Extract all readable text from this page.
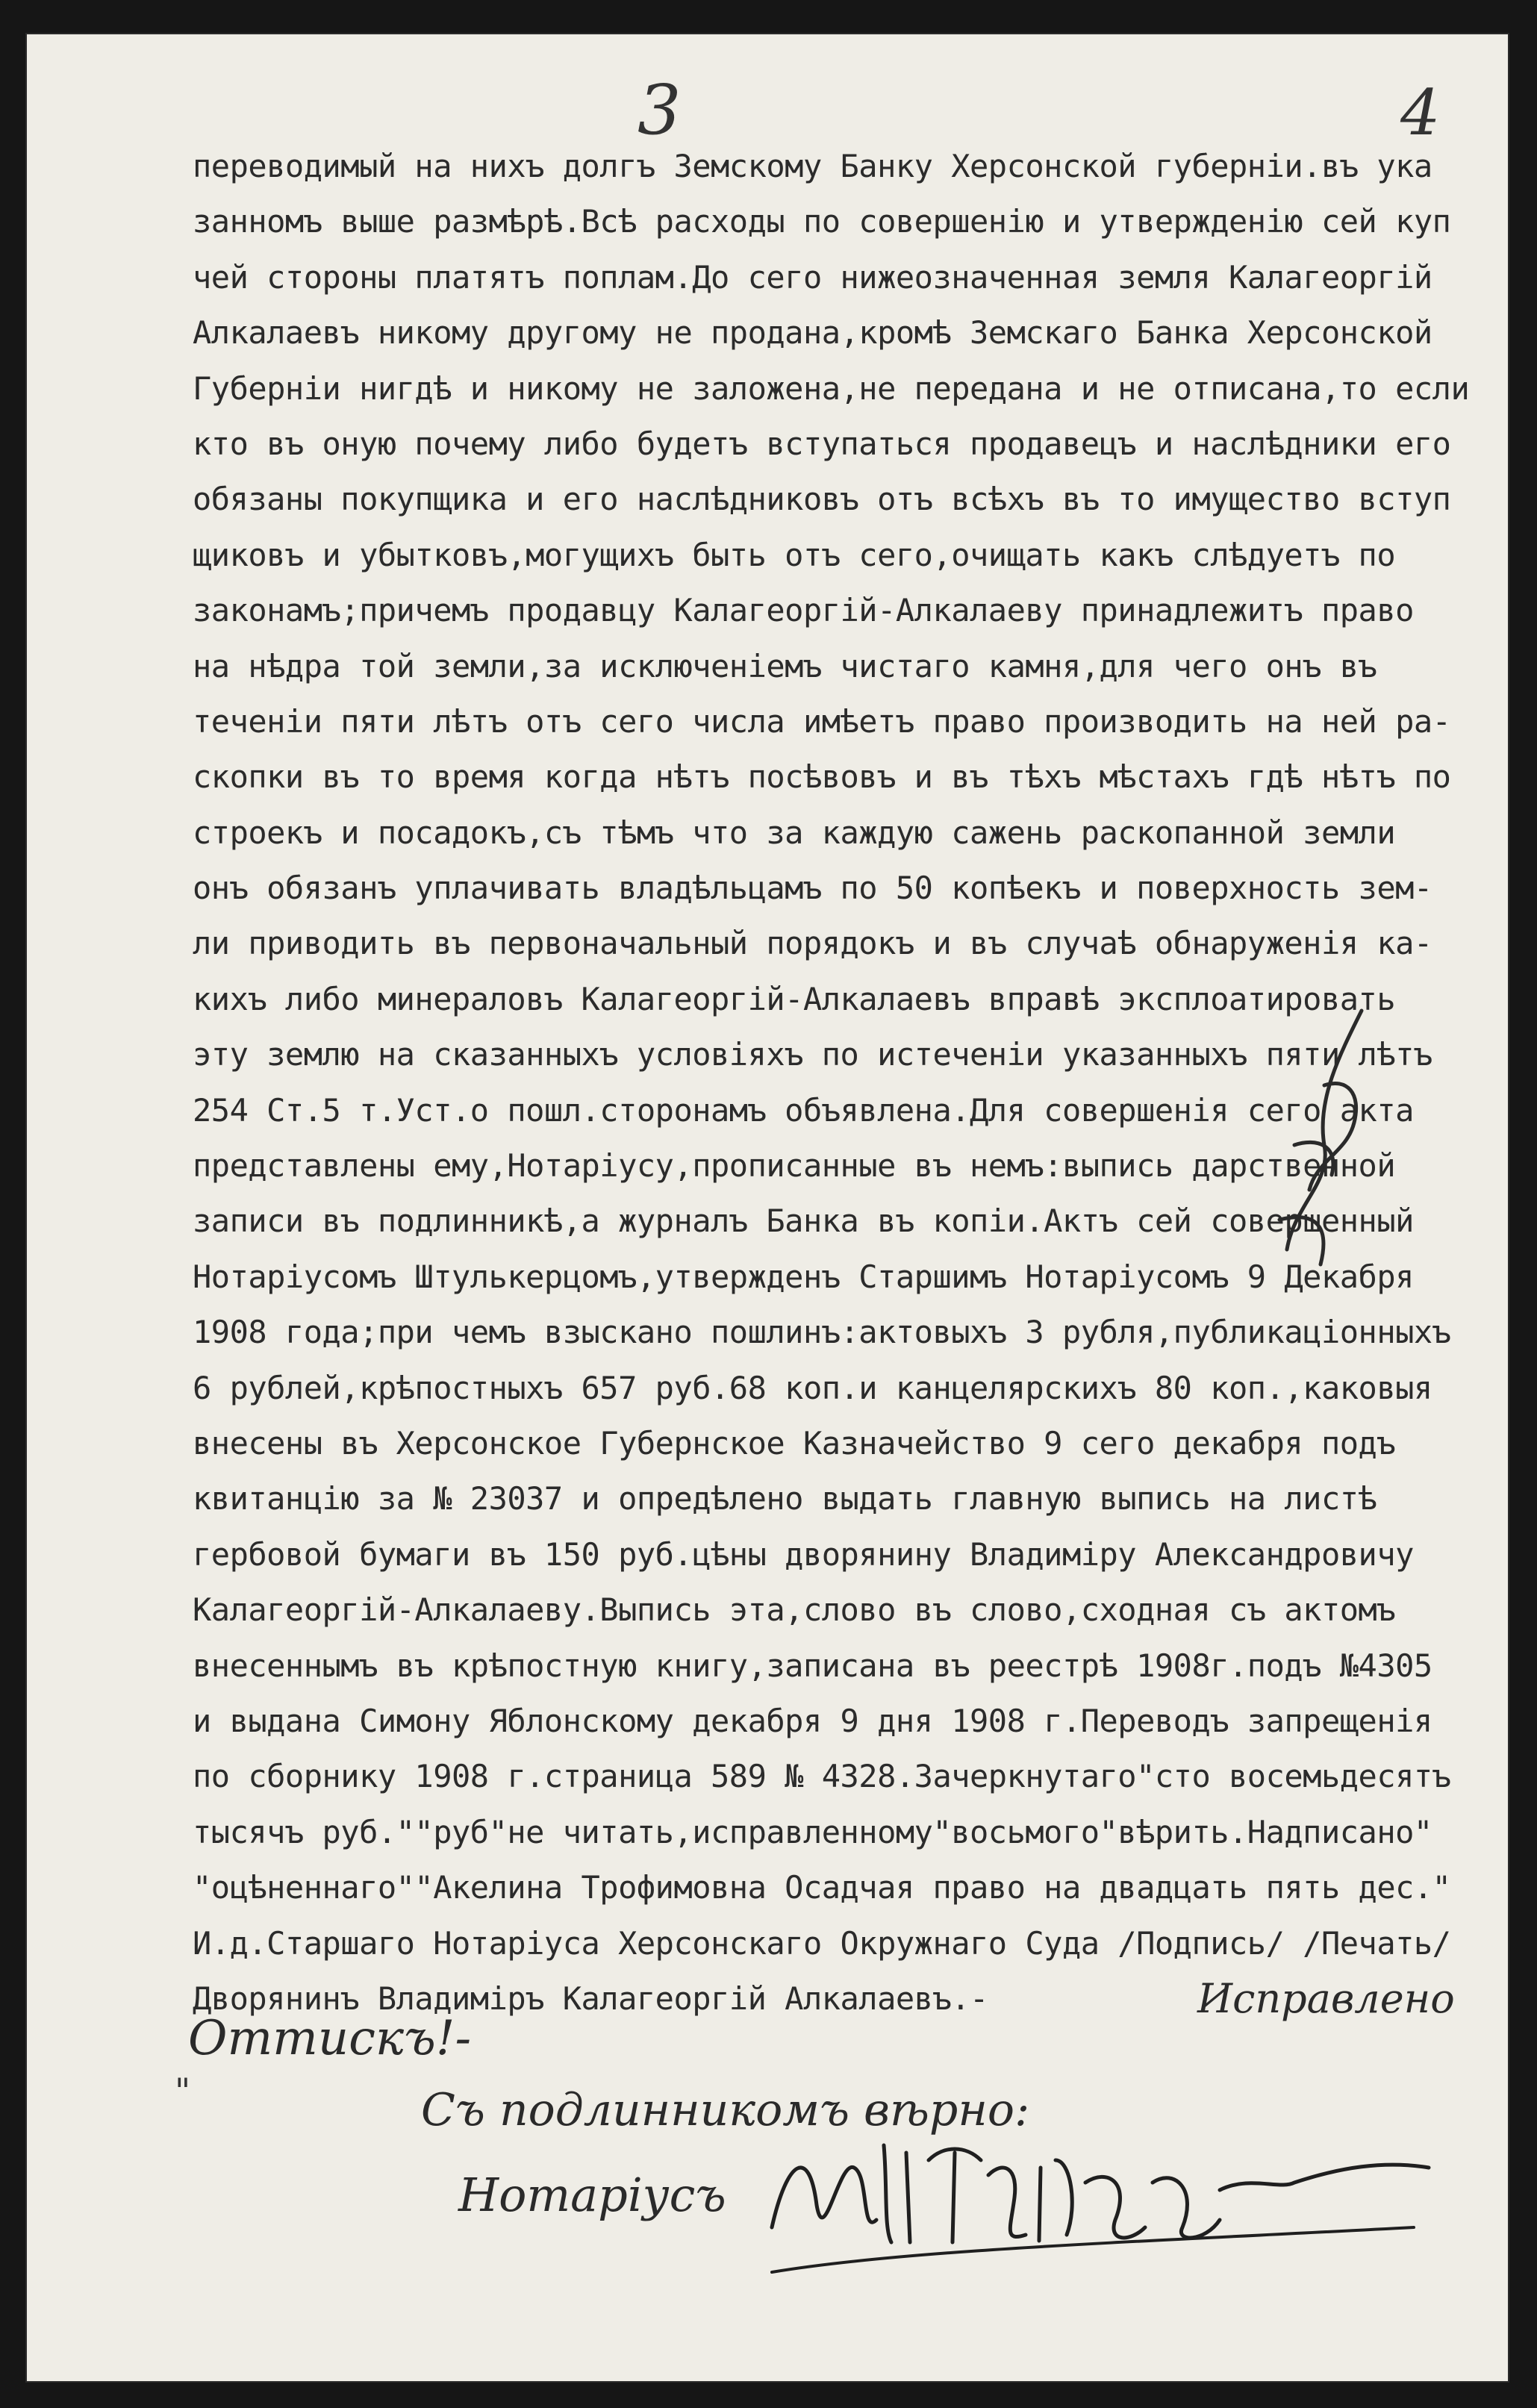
3	4
переводимый на нихъ долгъ Земскому Банку Херсонской губернiи.въ ука
заннoмъ выше размѣрѣ.Всѣ расходы по совершенiю и утвержденiю сей куп
чей стороны платятъ поплам.До сего нижеозначенная земля Калагеoргiй
Алкалаевъ никому другому не продана,кромѣ Земскаго Банка Херсонской
Губернiи нигдѣ и никому не заложена,не передана и не отписана,то если
кто въ оную почему либо будетъ вступаться продавецъ и наслѣдники его
обязаны покупщика и его наслѣдниковъ отъ всѣхъ въ то имущество вступ
щиковъ и убытковъ,могущихъ быть отъ сего,очищать какъ слѣдуетъ по
законамъ;причемъ продавцу Калагеоргiй-Алкалаеву принадлежитъ право
на нѣдра той земли,за исключенiемъ чистаго камня,для чего онъ въ
теченiи пяти лѣтъ отъ сего числа имѣетъ право производить на ней ра-
скопки въ то время когда нѣтъ посѣвовъ и въ тѣхъ мѣстахъ гдѣ нѣтъ по
строекъ и посадокъ,съ тѣмъ что за каждую сажень раскопанной земли
онъ обязанъ уплачивать владѣльцамъ по 50 копѣекъ и поверхность зем-
ли приводить въ первоначальный порядокъ и въ случаѣ обнаруженiя ка-
кихъ либо минераловъ Калагеоргiй-Алкалаевъ вправѣ эксплоатировать
эту землю на сказанныхъ условiяхъ по истеченiи указанныхъ пяти лѣтъ
254 Ст.5 т.Уст.о пошл.сторонамъ объявлена.Для совершенiя сего актa
представлены ему,Нотарiусу,прописанные въ немъ:выпись дарственной
записи въ подлинникѣ,а журналъ Банка въ копiи.Актъ сей совершенный
Нотарiусомъ Штулькерцомъ,утвержденъ Старшимъ Нотарiусомъ 9 Декабря
1908 года;при чемъ взыскано пошлинъ:актовыхъ 3 рубля,публикацiонныхъ
6 рублей,крѣпостныхъ 657 руб.68 коп.и канцелярскихъ 80 коп.,каковыя
внесены въ Херсонское Губернское Казначейство 9 сего декабря подъ
квитанцiю за № 23037 и опредѣлено выдать главную выпись на листѣ
гербовой бумаги въ 150 руб.цѣны дворянину Владимiру Александровичу
Калагеоргiй-Алкалаеву.Выпись эта,слово въ слово,сходная съ актомъ
внесеннымъ въ крѣпостную книгу,записана въ реестрѣ 1908г.подъ №4305
и выдана Симону Яблонскому декабря 9 дня 1908 г.Переводъ запрещенiя
по сборнику 1908 г.страница 589 № 4328.Зачеркнутаго"сто восемьдесятъ
тысячъ руб.""руб"не читать,исправленному"восьмого"вѣрить.Надписано"
"оцѣненнаго""Акелина Трофимовна Осадчая право на двадцать пять дес."
И.д.Старшаго Нотарiуса Херсонскаго Окружнаго Суда /Подпись/ /Печать/
Дворянинъ Владимiръ Калагеоргiй Алкалаевъ.-	Исправлено
Оттискъ!-
"	Съ подлинникомъ вѣрно:
Нотарiусъ
